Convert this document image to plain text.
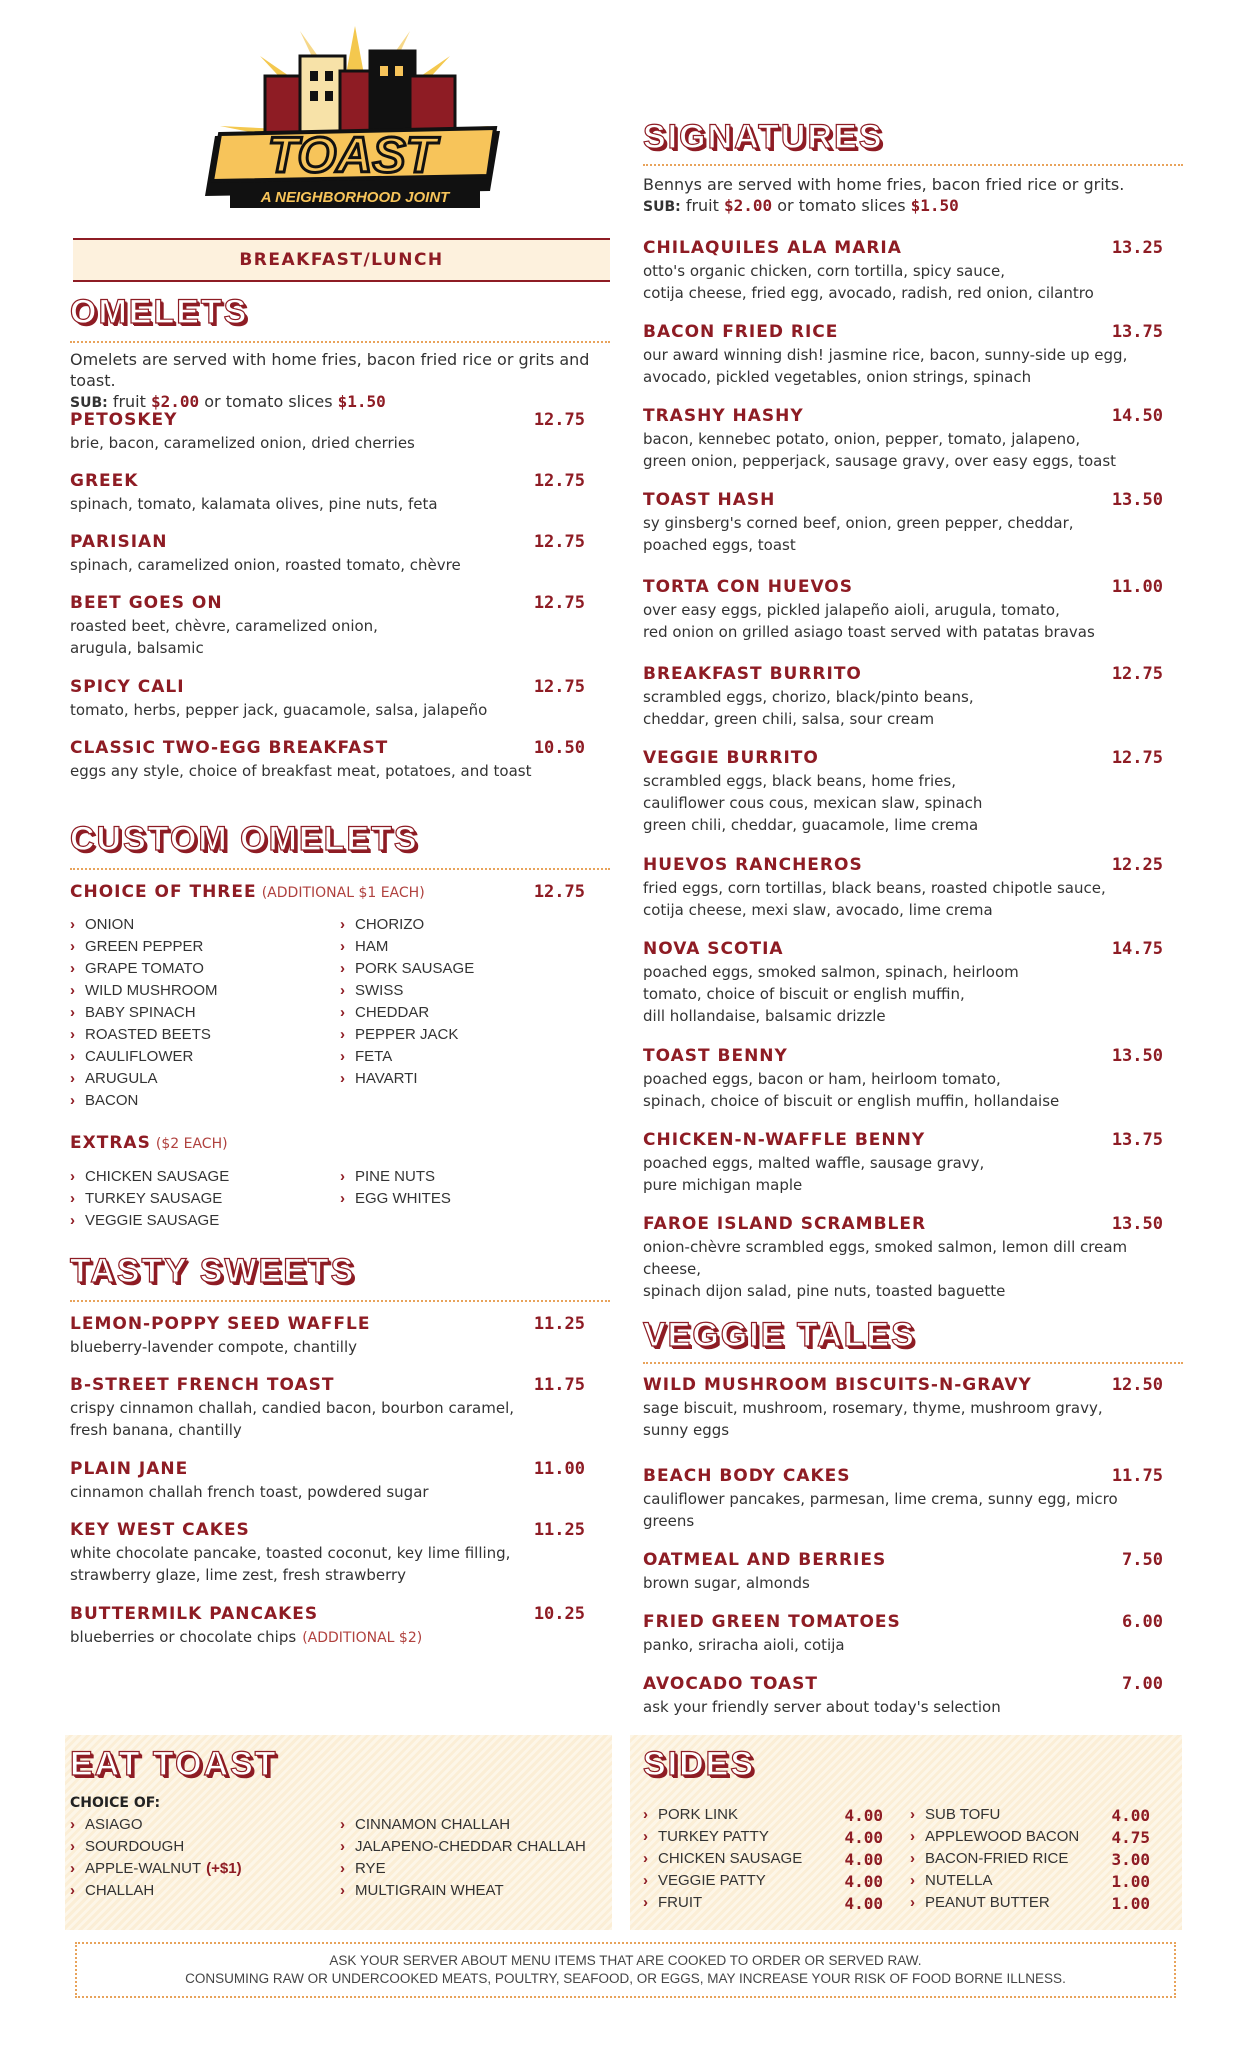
TOAST
A NEIGHBORHOOD JOINT
BREAKFAST/LUNCH
OMELETS
Omelets are served with home fries, bacon fried rice or grits and toast.
SUB: fruit $2.00 or tomato slices $1.50
PETOSKEY	12.75
brie, bacon, caramelized onion, dried cherries
GREEK	12.75
spinach, tomato, kalamata olives, pine nuts, feta
PARISIAN	12.75
spinach, caramelized onion, roasted tomato, chèvre
BEET GOES ON	12.75
roasted beet, chèvre, caramelized onion,
arugula, balsamic
SPICY CALI	12.75
tomato, herbs, pepper jack, guacamole, salsa, jalapeño
CLASSIC TWO-EGG BREAKFAST	10.50
eggs any style, choice of breakfast meat, potatoes, and toast
CUSTOM OMELETS
CHOICE OF THREE (ADDITIONAL $1 EACH)	12.75
› ONION
› GREEN PEPPER
› GRAPE TOMATO
› WILD MUSHROOM
› BABY SPINACH
› ROASTED BEETS
› CAULIFLOWER
› ARUGULA
› BACON
› CHORIZO
› HAM
› PORK SAUSAGE
› SWISS
› CHEDDAR
› PEPPER JACK
› FETA
› HAVARTI
EXTRAS ($2 EACH)
› CHICKEN SAUSAGE
› TURKEY SAUSAGE
› VEGGIE SAUSAGE
› PINE NUTS
› EGG WHITES
TASTY SWEETS
LEMON-POPPY SEED WAFFLE	11.25
blueberry-lavender compote, chantilly
B-STREET FRENCH TOAST	11.75
crispy cinnamon challah, candied bacon, bourbon caramel,
fresh banana, chantilly
PLAIN JANE	11.00
cinnamon challah french toast, powdered sugar
KEY WEST CAKES	11.25
white chocolate pancake, toasted coconut, key lime filling,
strawberry glaze, lime zest, fresh strawberry
BUTTERMILK PANCAKES	10.25
blueberries or chocolate chips (ADDITIONAL $2)
EAT TOAST
CHOICE OF:
› ASIAGO
› SOURDOUGH
› APPLE-WALNUT (+$1)
› CHALLAH
› CINNAMON CHALLAH
› JALAPENO-CHEDDAR CHALLAH
› RYE
› MULTIGRAIN WHEAT
SIGNATURES
Bennys are served with home fries, bacon fried rice or grits.
SUB: fruit $2.00 or tomato slices $1.50
CHILAQUILES ALA MARIA	13.25
otto's organic chicken, corn tortilla, spicy sauce,
cotija cheese, fried egg, avocado, radish, red onion, cilantro
BACON FRIED RICE	13.75
our award winning dish! jasmine rice, bacon, sunny-side up egg,
avocado, pickled vegetables, onion strings, spinach
TRASHY HASHY	14.50
bacon, kennebec potato, onion, pepper, tomato, jalapeno,
green onion, pepperjack, sausage gravy, over easy eggs, toast
TOAST HASH	13.50
sy ginsberg's corned beef, onion, green pepper, cheddar,
poached eggs, toast
TORTA CON HUEVOS	11.00
over easy eggs, pickled jalapeño aioli, arugula, tomato,
red onion on grilled asiago toast served with patatas bravas
BREAKFAST BURRITO	12.75
scrambled eggs, chorizo, black/pinto beans,
cheddar, green chili, salsa, sour cream
VEGGIE BURRITO	12.75
scrambled eggs, black beans, home fries,
cauliflower cous cous, mexican slaw, spinach
green chili, cheddar, guacamole, lime crema
HUEVOS RANCHEROS	12.25
fried eggs, corn tortillas, black beans, roasted chipotle sauce,
cotija cheese, mexi slaw, avocado, lime crema
NOVA SCOTIA	14.75
poached eggs, smoked salmon, spinach, heirloom
tomato, choice of biscuit or english muffin,
dill hollandaise, balsamic drizzle
TOAST BENNY	13.50
poached eggs, bacon or ham, heirloom tomato,
spinach, choice of biscuit or english muffin, hollandaise
CHICKEN-N-WAFFLE BENNY	13.75
poached eggs, malted waffle, sausage gravy,
pure michigan maple
FAROE ISLAND SCRAMBLER	13.50
onion-chèvre scrambled eggs, smoked salmon, lemon dill cream cheese,
spinach dijon salad, pine nuts, toasted baguette
VEGGIE TALES
WILD MUSHROOM BISCUITS-N-GRAVY	12.50
sage biscuit, mushroom, rosemary, thyme, mushroom gravy,
sunny eggs
BEACH BODY CAKES	11.75
cauliflower pancakes, parmesan, lime crema, sunny egg, micro greens
OATMEAL AND BERRIES	7.50
brown sugar, almonds
FRIED GREEN TOMATOES	6.00
panko, sriracha aioli, cotija
AVOCADO TOAST	7.00
ask your friendly server about today's selection
SIDES
› PORK LINK	4.00
› TURKEY PATTY	4.00
› CHICKEN SAUSAGE	4.00
› VEGGIE PATTY	4.00
› FRUIT	4.00
› SUB TOFU	4.00
› APPLEWOOD BACON 4.75
› BACON-FRIED RICE	3.00
› NUTELLA	1.00
› PEANUT BUTTER	1.00
ASK YOUR SERVER ABOUT MENU ITEMS THAT ARE COOKED TO ORDER OR SERVED RAW.
CONSUMING RAW OR UNDERCOOKED MEATS, POULTRY, SEAFOOD, OR EGGS, MAY INCREASE YOUR RISK OF FOOD BORNE ILLNESS.
